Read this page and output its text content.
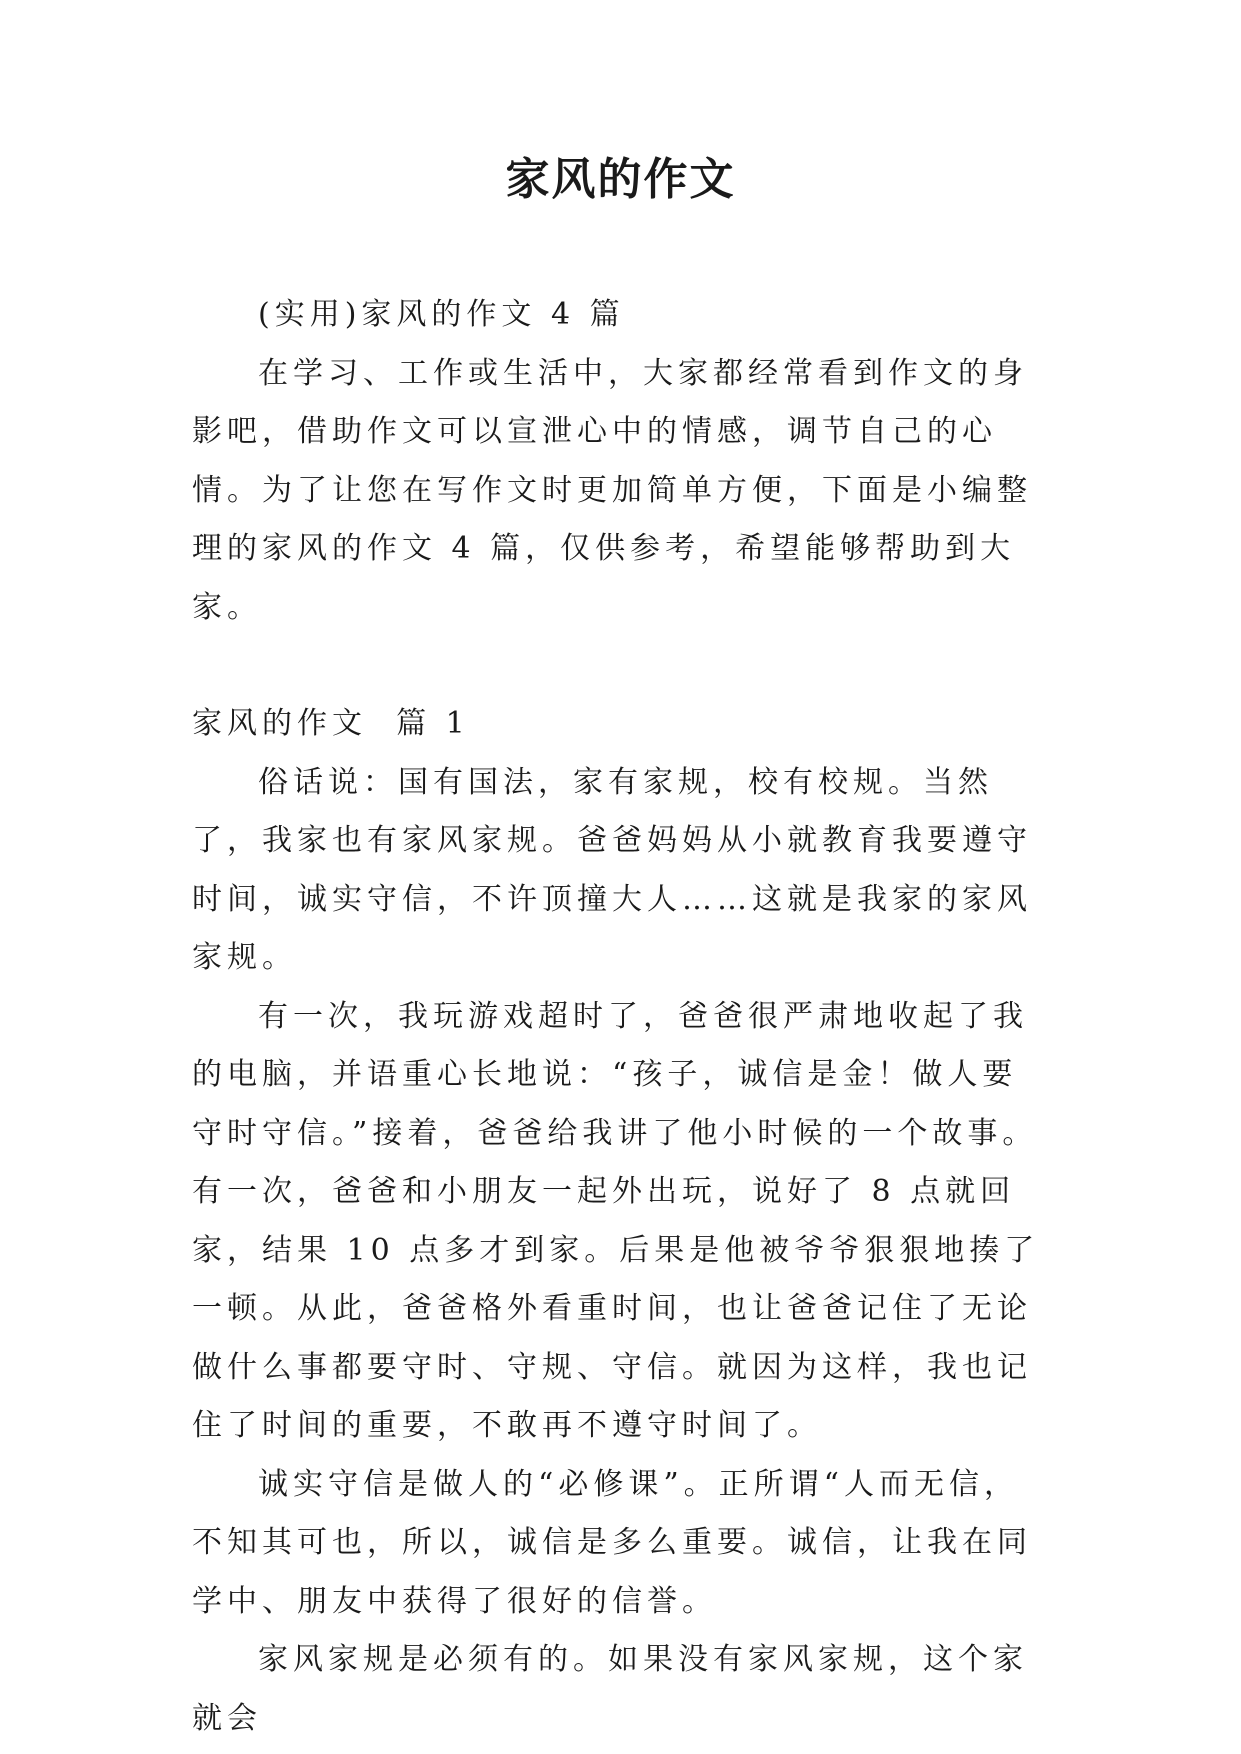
家风的作文

(实用)家风的作文 4 篇

在学习、工作或生活中，大家都经常看到作文的身影吧，借助作文可以宣泄心中的情感，调节自己的心情。为了让您在写作文时更加简单方便，下面是小编整理的家风的作文 4 篇，仅供参考，希望能够帮助到大家。

家风的作文  篇 1

俗话说：国有国法，家有家规，校有校规。当然了，我家也有家风家规。爸爸妈妈从小就教育我要遵守时间，诚实守信，不许顶撞大人……这就是我家的家风家规。

有一次，我玩游戏超时了，爸爸很严肃地收起了我的电脑，并语重心长地说：“孩子，诚信是金！做人要守时守信。”接着，爸爸给我讲了他小时候的一个故事。有一次，爸爸和小朋友一起外出玩，说好了 8 点就回家，结果 10 点多才到家。后果是他被爷爷狠狠地揍了一顿。从此，爸爸格外看重时间，也让爸爸记住了无论做什么事都要守时、守规、守信。就因为这样，我也记住了时间的重要，不敢再不遵守时间了。

诚实守信是做人的“必修课”。正所谓“人而无信，不知其可也，所以，诚信是多么重要。诚信，让我在同学中、朋友中获得了很好的信誉。

家风家规是必须有的。如果没有家风家规，这个家就会
